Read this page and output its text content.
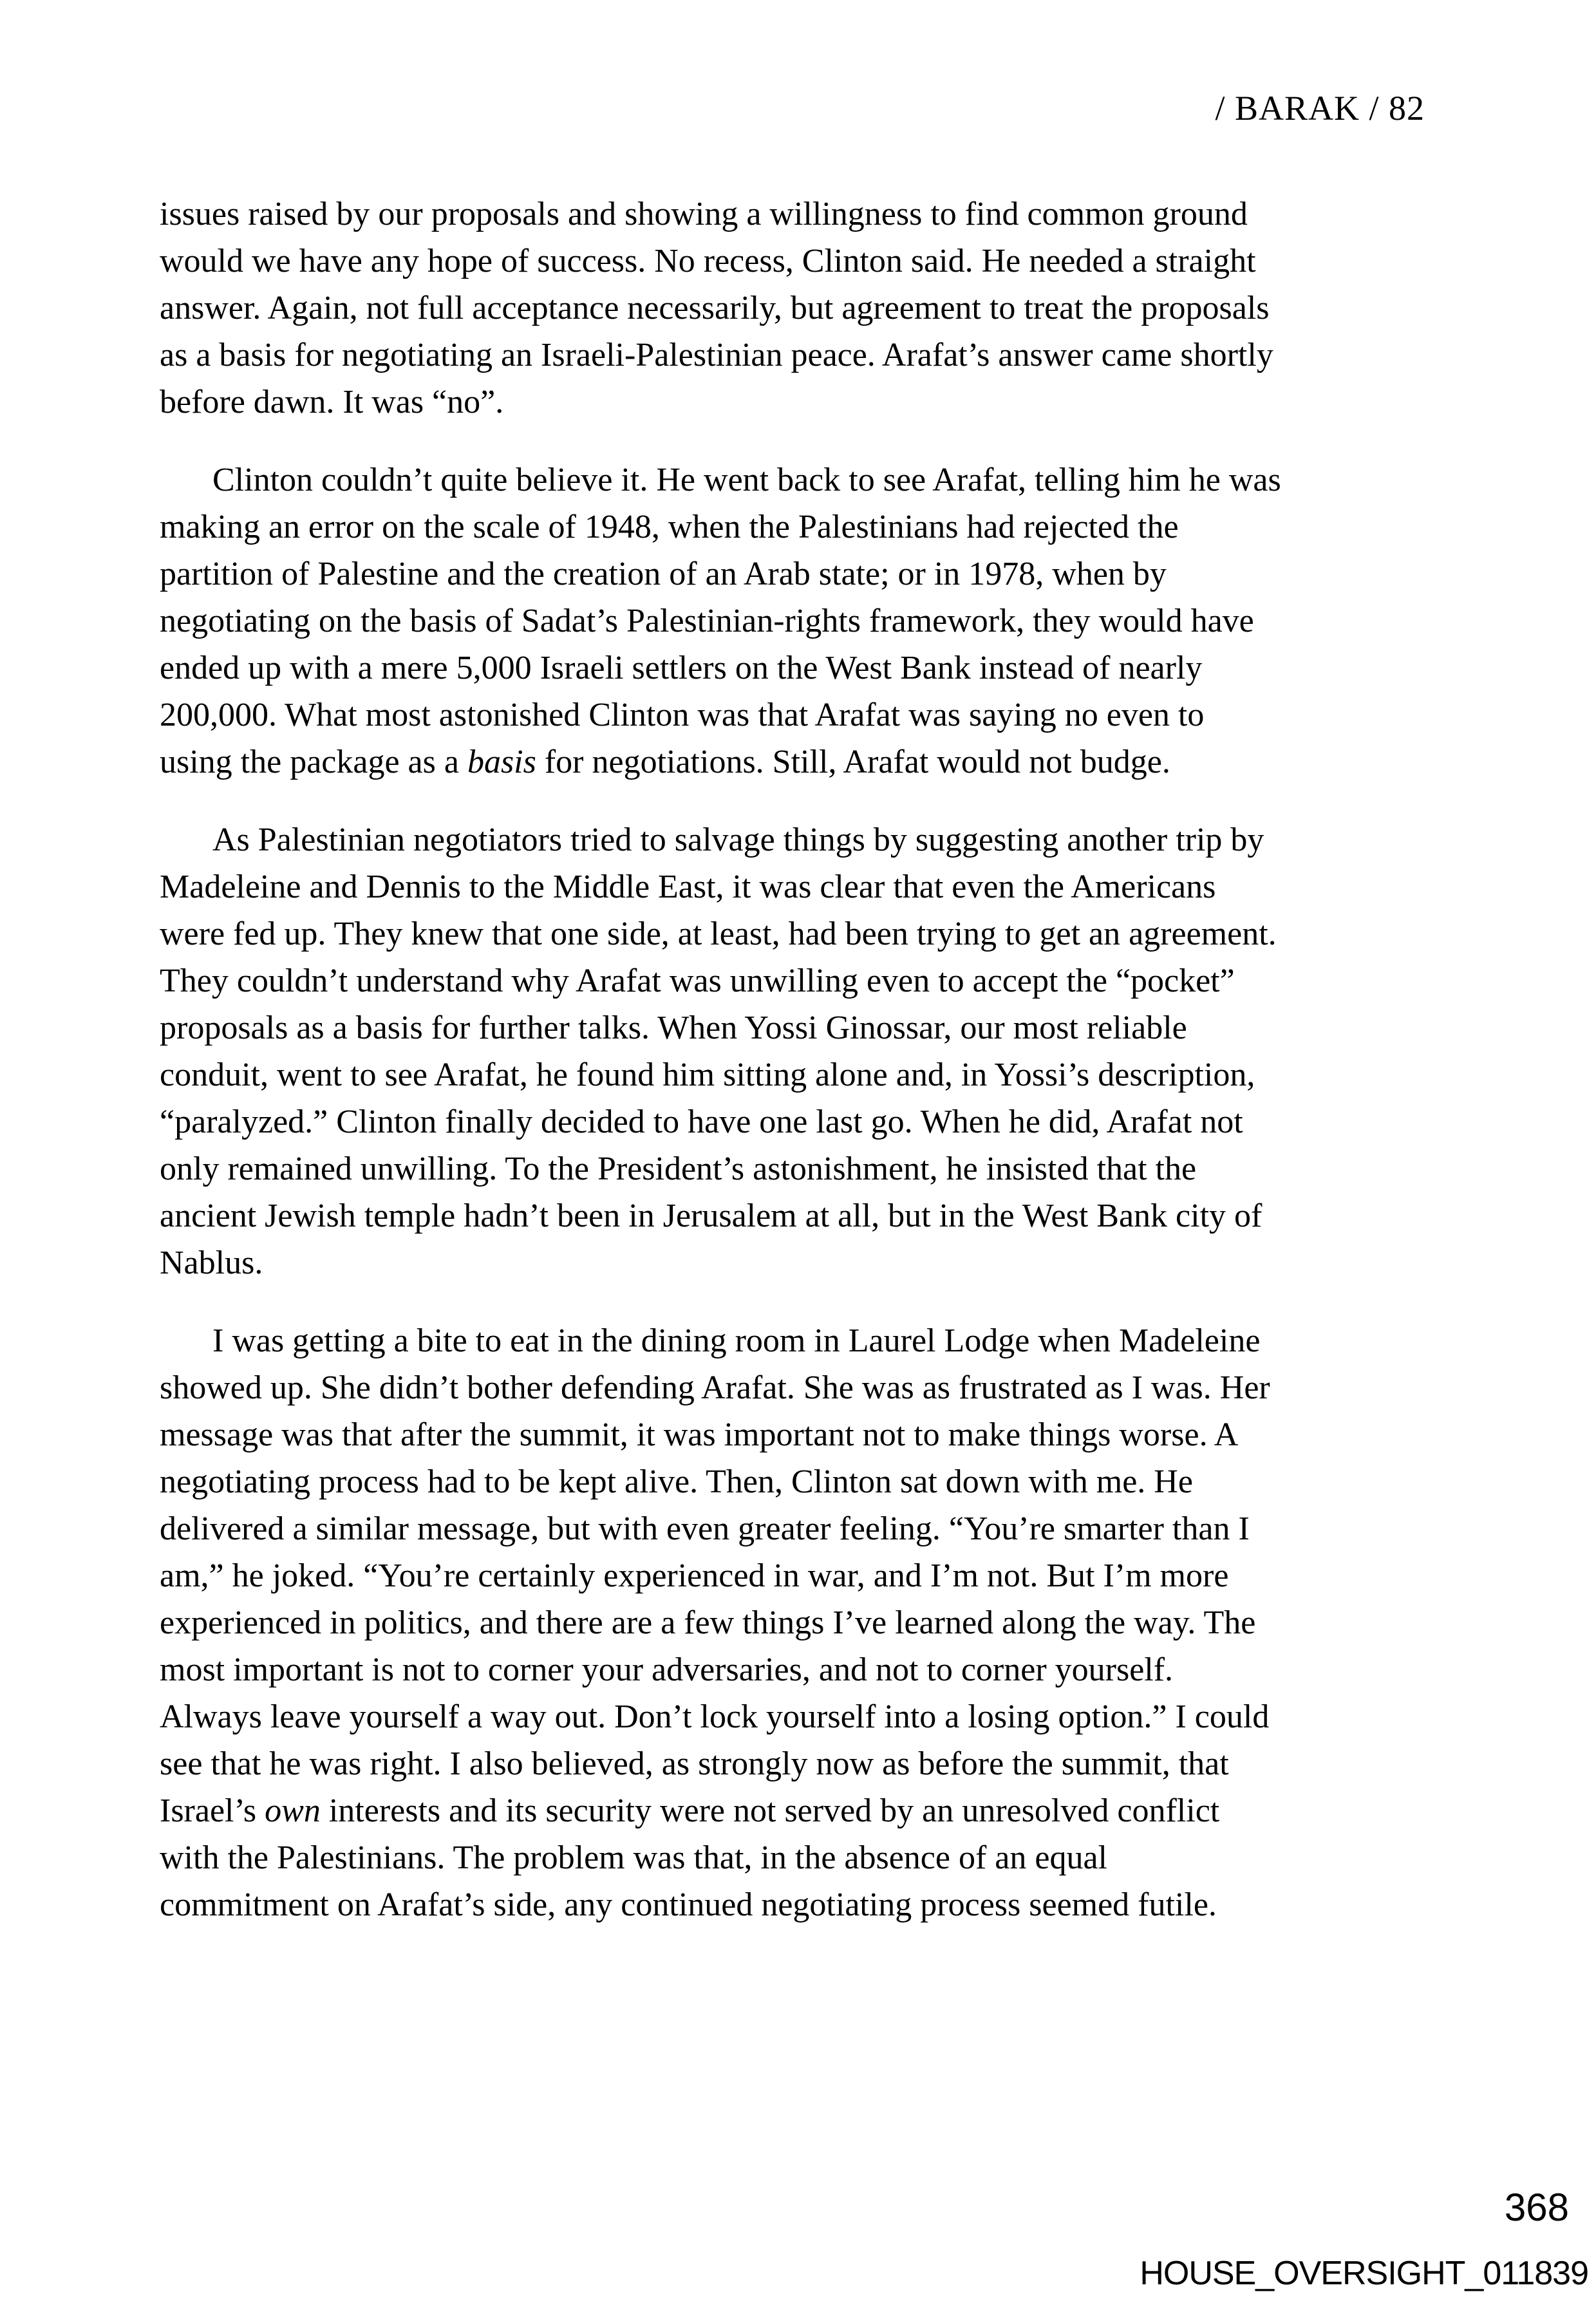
/ BARAK / 82
issues raised by our proposals and showing a willingness to find common ground
would we have any hope of success. No recess, Clinton said. He needed a straight
answer. Again, not full acceptance necessarily, but agreement to treat the proposals
as a basis for negotiating an Israeli-Palestinian peace. Arafat’s answer came shortly
before dawn. It was “no”.
Clinton couldn’t quite believe it. He went back to see Arafat, telling him he was
making an error on the scale of 1948, when the Palestinians had rejected the
partition of Palestine and the creation of an Arab state; or in 1978, when by
negotiating on the basis of Sadat’s Palestinian-rights framework, they would have
ended up with a mere 5,000 Israeli settlers on the West Bank instead of nearly
200,000. What most astonished Clinton was that Arafat was saying no even to
using the package as a basis for negotiations. Still, Arafat would not budge.
As Palestinian negotiators tried to salvage things by suggesting another trip by
Madeleine and Dennis to the Middle East, it was clear that even the Americans
were fed up. They knew that one side, at least, had been trying to get an agreement.
They couldn’t understand why Arafat was unwilling even to accept the “pocket”
proposals as a basis for further talks. When Yossi Ginossar, our most reliable
conduit, went to see Arafat, he found him sitting alone and, in Yossi’s description,
“paralyzed.” Clinton finally decided to have one last go. When he did, Arafat not
only remained unwilling. To the President’s astonishment, he insisted that the
ancient Jewish temple hadn’t been in Jerusalem at all, but in the West Bank city of
Nablus.
I was getting a bite to eat in the dining room in Laurel Lodge when Madeleine
showed up. She didn’t bother defending Arafat. She was as frustrated as I was. Her
message was that after the summit, it was important not to make things worse. A
negotiating process had to be kept alive. Then, Clinton sat down with me. He
delivered a similar message, but with even greater feeling. “You’re smarter than I
am,” he joked. “You’re certainly experienced in war, and I’m not. But I’m more
experienced in politics, and there are a few things I’ve learned along the way. The
most important is not to corner your adversaries, and not to corner yourself.
Always leave yourself a way out. Don’t lock yourself into a losing option.” I could
see that he was right. I also believed, as strongly now as before the summit, that
Israel’s own interests and its security were not served by an unresolved conflict
with the Palestinians. The problem was that, in the absence of an equal
commitment on Arafat’s side, any continued negotiating process seemed futile.
368
HOUSE_OVERSIGHT_011839
